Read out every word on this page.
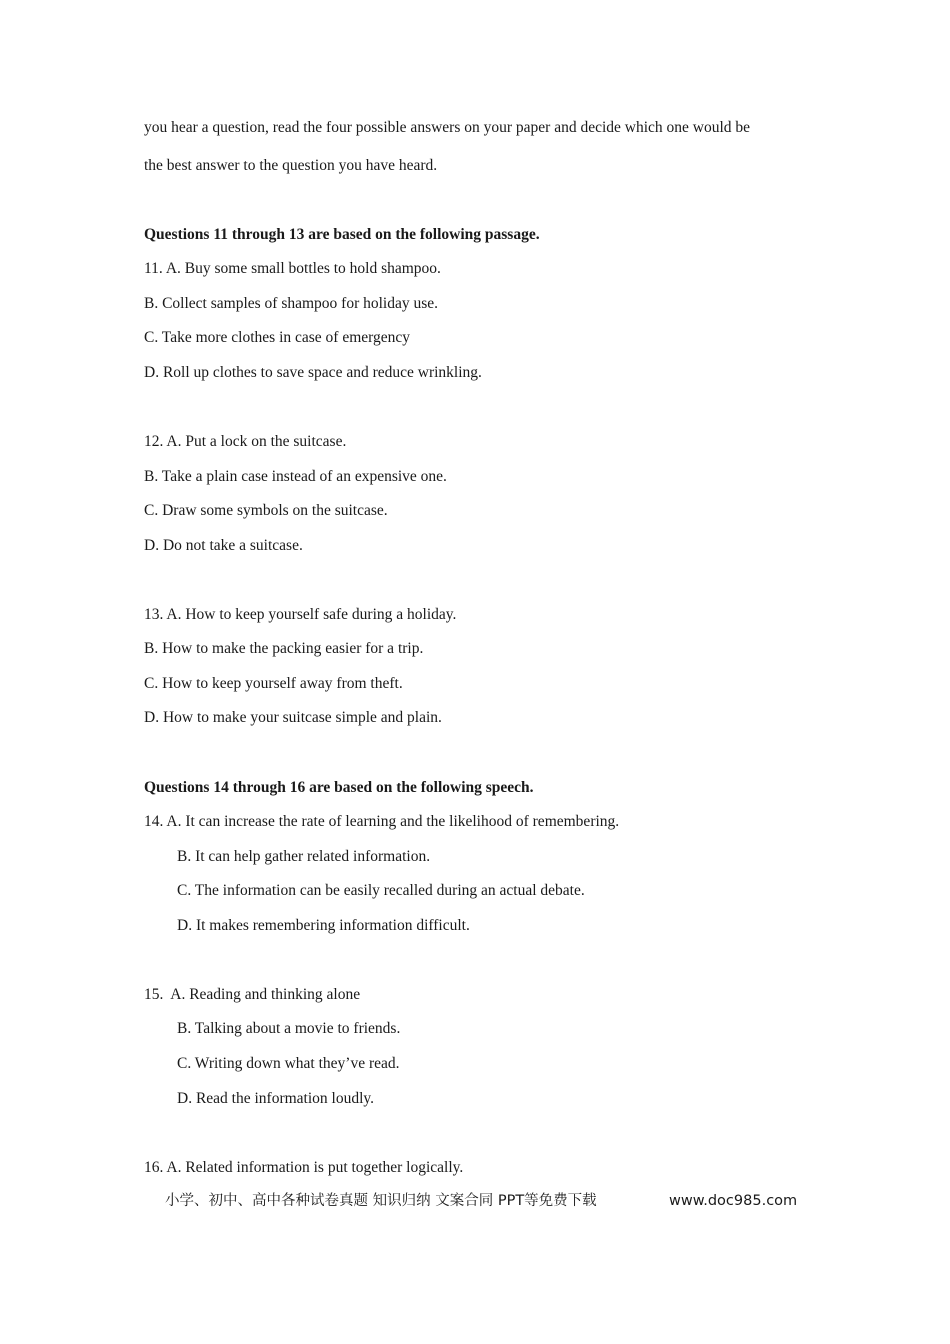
you hear a question, read the four possible answers on your paper and decide which one would be
the best answer to the question you have heard.
Questions 11 through 13 are based on the following passage.
11. A. Buy some small bottles to hold shampoo.
B. Collect samples of shampoo for holiday use.
C. Take more clothes in case of emergency
D. Roll up clothes to save space and reduce wrinkling.
12. A. Put a lock on the suitcase.
B. Take a plain case instead of an expensive one.
C. Draw some symbols on the suitcase.
D. Do not take a suitcase.
13. A. How to keep yourself safe during a holiday.
B. How to make the packing easier for a trip.
C. How to keep yourself away from theft.
D. How to make your suitcase simple and plain.
Questions 14 through 16 are based on the following speech.
14. A. It can increase the rate of learning and the likelihood of remembering.
B. It can help gather related information.
C. The information can be easily recalled during an actual debate.
D. It makes remembering information difficult.
15.  A. Reading and thinking alone
B. Talking about a movie to friends.
C. Writing down what they’ve read.
D. Read the information loudly.
16. A. Related information is put together logically.
小学、初中、高中各种试卷真题 知识归纳 文案合同 PPT等免费下载	www.doc985.com
